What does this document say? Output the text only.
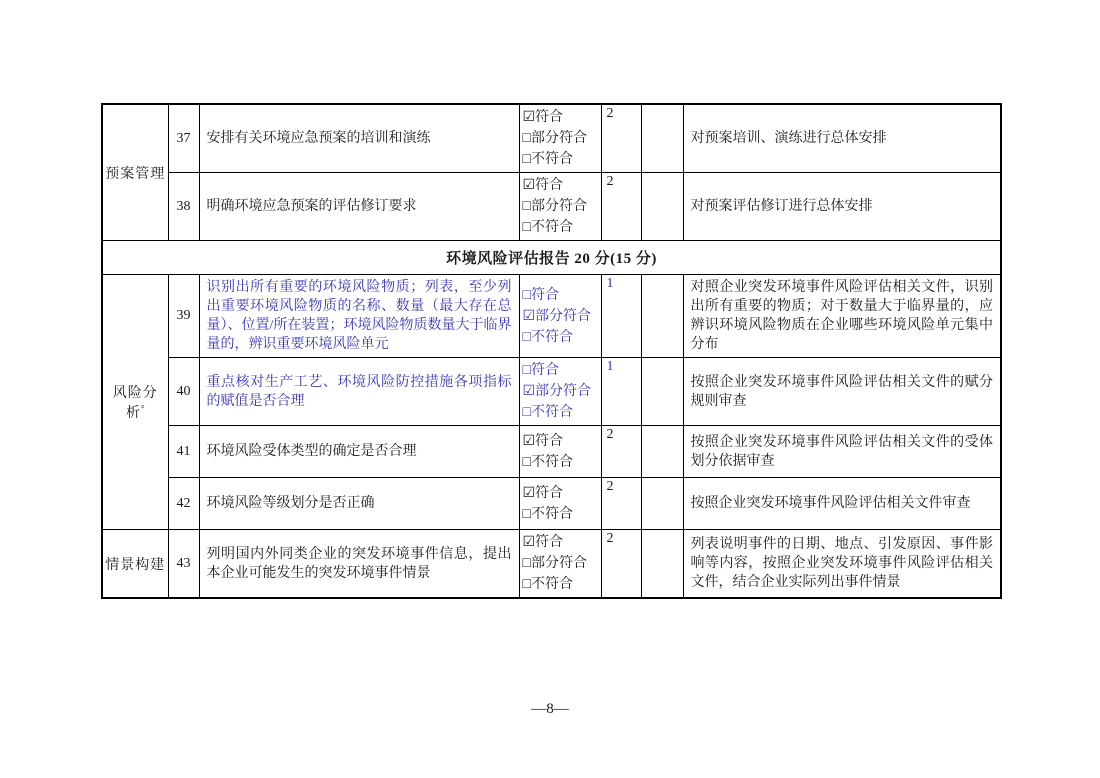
预案管理	37	安排有关环境应急预案的培训和演练	☑符合
□部分符合
□不符合	2		对预案培训、演练进行总体安排
	38	明确环境应急预案的评估修订要求	☑符合
□部分符合
□不符合	2		对预案评估修订进行总体安排
环境风险评估报告 20 分(15 分)						
风险分析°	39	识别出所有重要的环境风险物质；列表，至少列出重要环境风险物质的名称、数量（最大存在总量）、位置/所在装置；环境风险物质数量大于临界量的，辨识重要环境风险单元	□符合
☑部分符合
□不符合	1		对照企业突发环境事件风险评估相关文件，识别出所有重要的物质；对于数量大于临界量的，应辨识环境风险物质在企业哪些环境风险单元集中分布
	40	重点核对生产工艺、环境风险防控措施各项指标的赋值是否合理	□符合
☑部分符合
□不符合	1		按照企业突发环境事件风险评估相关文件的赋分规则审查
	41	环境风险受体类型的确定是否合理	☑符合
□不符合	2		按照企业突发环境事件风险评估相关文件的受体划分依据审查
	42	环境风险等级划分是否正确	☑符合
□不符合	2		按照企业突发环境事件风险评估相关文件审查
情景构建	43	列明国内外同类企业的突发环境事件信息，提出本企业可能发生的突发环境事件情景	☑符合
□部分符合
□不符合	2		列表说明事件的日期、地点、引发原因、事件影响等内容，按照企业突发环境事件风险评估相关文件，结合企业实际列出事件情景
—8—
